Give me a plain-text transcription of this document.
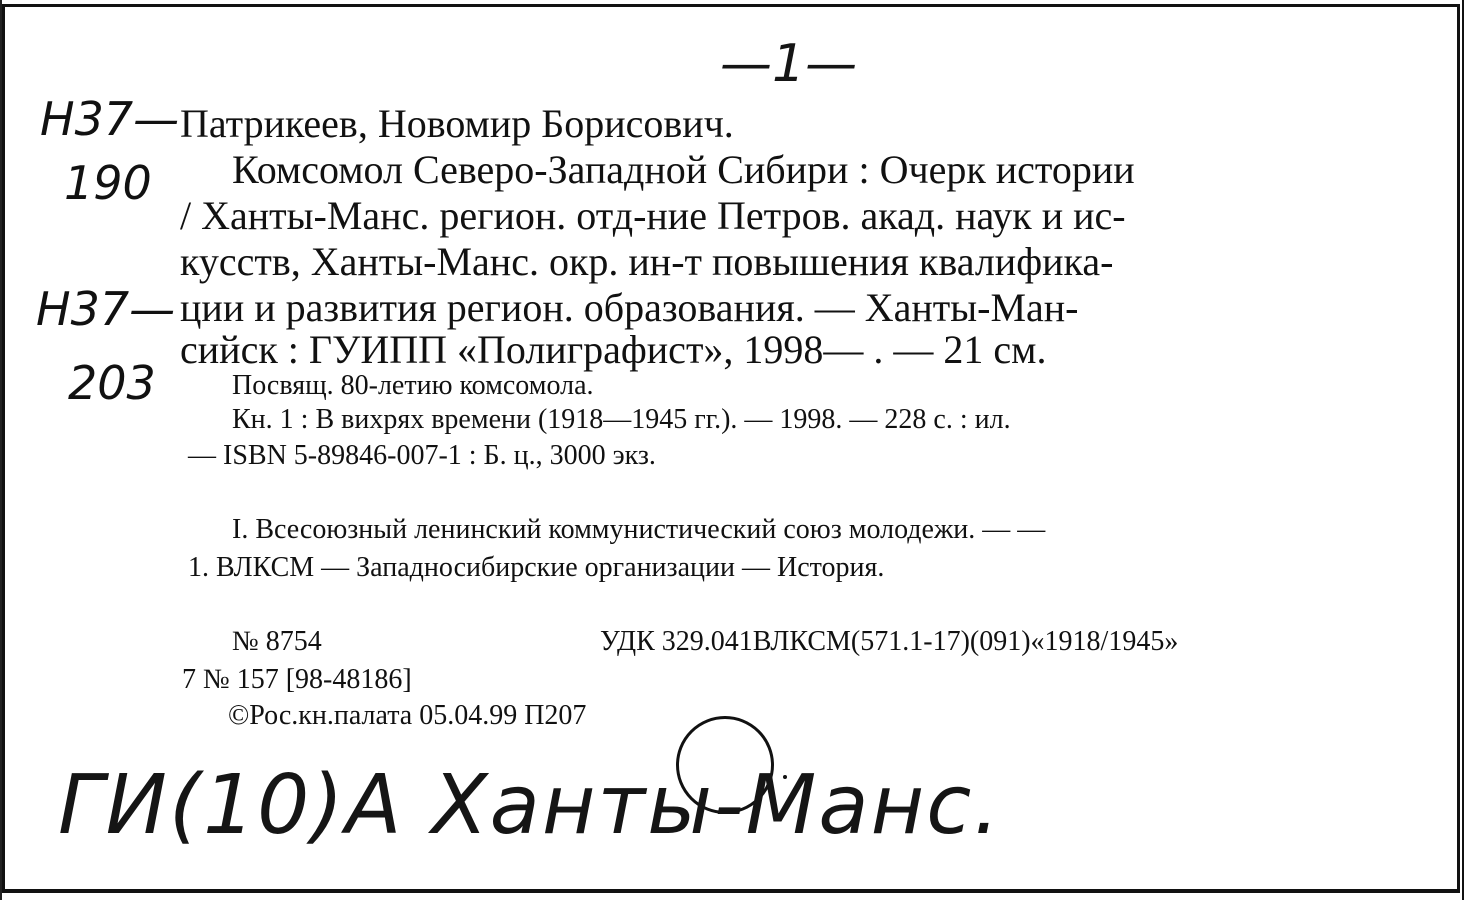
—1—
Н37—
190
Н37—
203
Патрикеев, Новомир Борисович.
Комсомол Северо-Западной Сибири : Очерк истории
/ Ханты-Манс. регион. отд-ние Петров. акад. наук и ис-
кусств, Ханты-Манс. окр. ин-т повышения квалифика-
ции и развития регион. образования. — Ханты-Ман-
сийск : ГУИПП «Полиграфист», 1998— . — 21 см.
Посвящ. 80-летию комсомола.
Кн. 1 : В вихрях времени (1918—1945 гг.). — 1998. — 228 с. : ил.
— ISBN 5-89846-007-1 : Б. ц., 3000 экз.
I. Всесоюзный ленинский коммунистический союз молодежи. — —
1. ВЛКСМ — Западносибирские организации — История.
№ 8754	УДК 329.041ВЛКСМ(571.1-17)(091)«1918/1945»
7 № 157 [98-48186]
©Рос.кн.палата 05.04.99 П207
ГИ(10)А Ханты-Манс.
